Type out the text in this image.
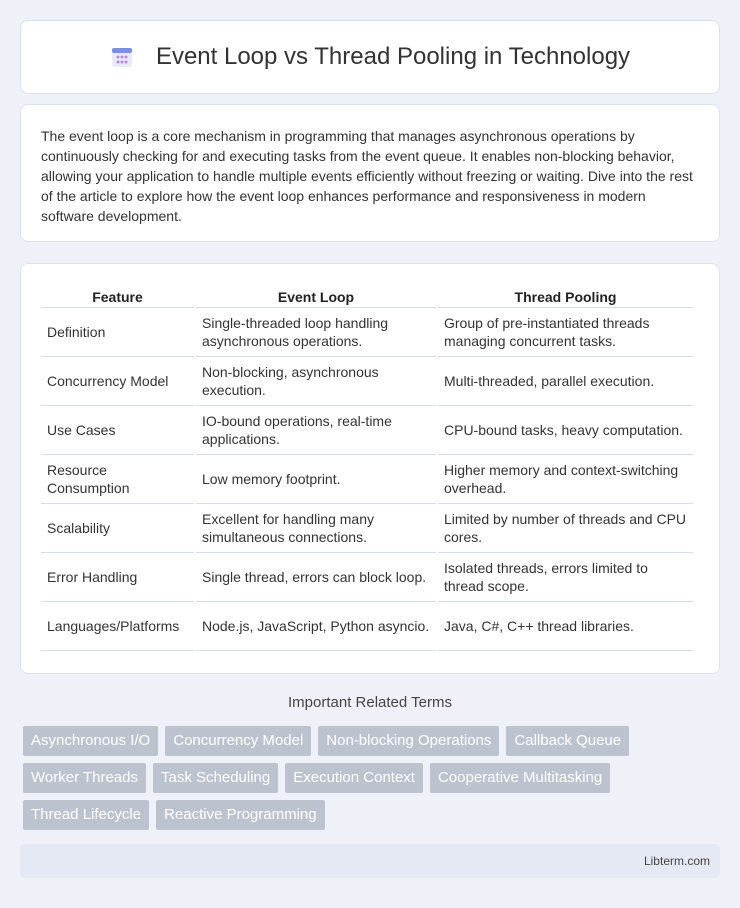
Event Loop vs Thread Pooling in Technology

The event loop is a core mechanism in programming that manages asynchronous operations by continuously checking for and executing tasks from the event queue. It enables non-blocking behavior, allowing your application to handle multiple events efficiently without freezing or waiting. Dive into the rest of the article to explore how the event loop enhances performance and responsiveness in modern software development.

Feature	Event Loop	Thread Pooling
Definition	Single-threaded loop handling asynchronous operations.	Group of pre-instantiated threads managing concurrent tasks.
Concurrency Model	Non-blocking, asynchronous execution.	Multi-threaded, parallel execution.
Use Cases	IO-bound operations, real-time applications.	CPU-bound tasks, heavy computation.
Resource Consumption	Low memory footprint.	Higher memory and context-switching overhead.
Scalability	Excellent for handling many simultaneous connections.	Limited by number of threads and CPU cores.
Error Handling	Single thread, errors can block loop.	Isolated threads, errors limited to thread scope.
Languages/Platforms	Node.js, JavaScript, Python asyncio.	Java, C#, C++ thread libraries.
Important Related Terms
Asynchronous I/O	Concurrency Model	Non-blocking Operations	Callback Queue
Worker Threads	Task Scheduling	Execution Context	Cooperative Multitasking
Thread Lifecycle	Reactive Programming
Libterm.com
